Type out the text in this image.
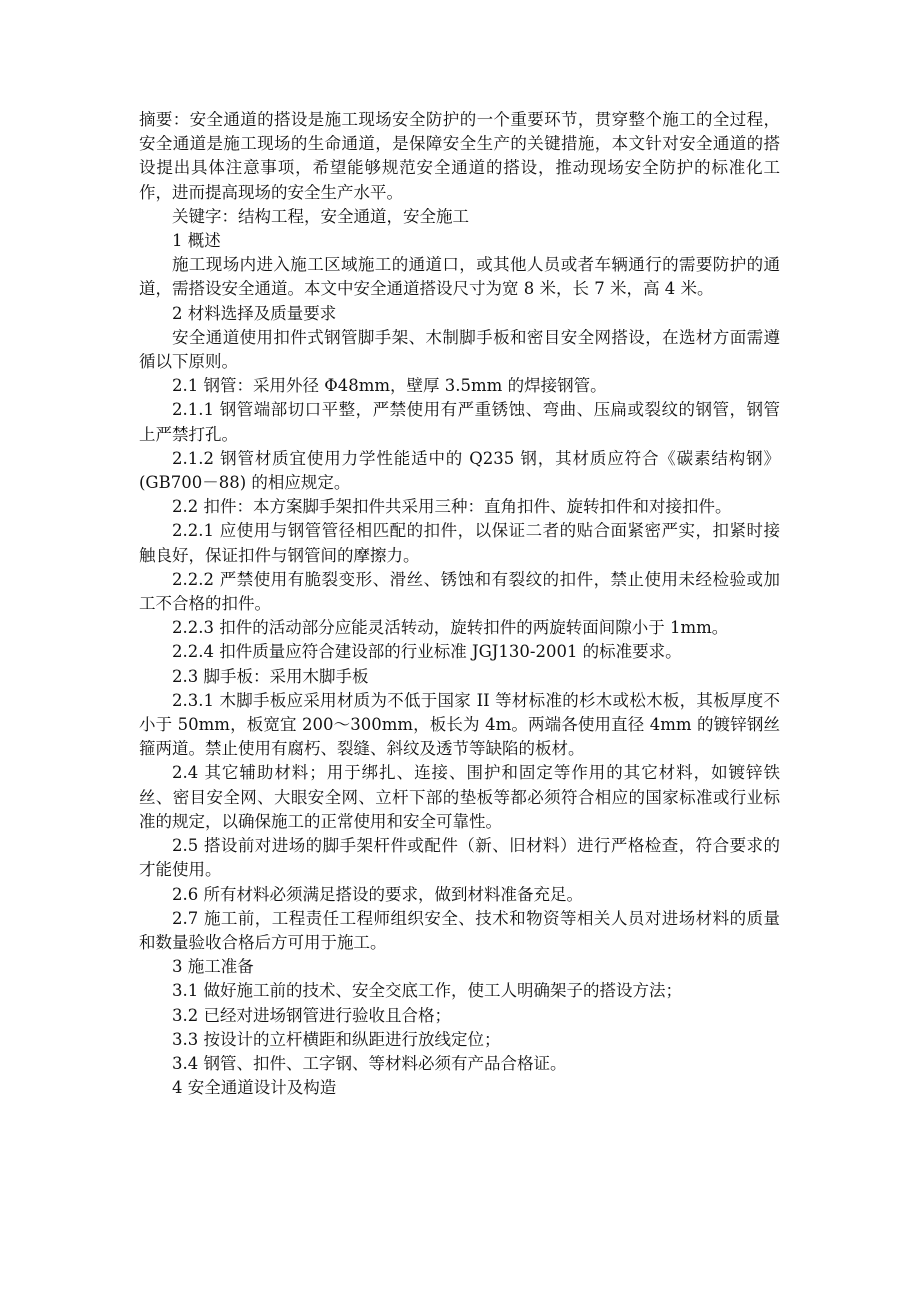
摘要：安全通道的搭设是施工现场安全防护的一个重要环节，贯穿整个施工的全过程，安全通道是施工现场的生命通道，是保障安全生产的关键措施，本文针对安全通道的搭设提出具体注意事项，希望能够规范安全通道的搭设，推动现场安全防护的标准化工作，进而提高现场的安全生产水平。

关键字：结构工程，安全通道，安全施工

1 概述

施工现场内进入施工区域施工的通道口，或其他人员或者车辆通行的需要防护的通道，需搭设安全通道。本文中安全通道搭设尺寸为宽 8 米，长 7 米，高 4 米。

2 材料选择及质量要求

安全通道使用扣件式钢管脚手架、木制脚手板和密目安全网搭设，在选材方面需遵循以下原则。

2.1 钢管：采用外径 Φ48mm，壁厚 3.5mm 的焊接钢管。

2.1.1 钢管端部切口平整，严禁使用有严重锈蚀、弯曲、压扁或裂纹的钢管，钢管上严禁打孔。

2.1.2 钢管材质宜使用力学性能适中的 Q235 钢，其材质应符合《碳素结构钢》(GB700－88) 的相应规定。

2.2 扣件：本方案脚手架扣件共采用三种：直角扣件、旋转扣件和对接扣件。

2.2.1 应使用与钢管管径相匹配的扣件，以保证二者的贴合面紧密严实，扣紧时接触良好，保证扣件与钢管间的摩擦力。

2.2.2 严禁使用有脆裂变形、滑丝、锈蚀和有裂纹的扣件，禁止使用未经检验或加工不合格的扣件。

2.2.3 扣件的活动部分应能灵活转动，旋转扣件的两旋转面间隙小于 1mm。

2.2.4 扣件质量应符合建设部的行业标准 JGJ130-2001 的标准要求。

2.3 脚手板：采用木脚手板

2.3.1 木脚手板应采用材质为不低于国家 II 等材标准的杉木或松木板，其板厚度不小于 50mm，板宽宜 200～300mm，板长为 4m。两端各使用直径 4mm 的镀锌钢丝箍两道。禁止使用有腐朽、裂缝、斜纹及透节等缺陷的板材。

2.4 其它辅助材料；用于绑扎、连接、围护和固定等作用的其它材料，如镀锌铁丝、密目安全网、大眼安全网、立杆下部的垫板等都必须符合相应的国家标准或行业标准的规定，以确保施工的正常使用和安全可靠性。

2.5 搭设前对进场的脚手架杆件或配件（新、旧材料）进行严格检查，符合要求的才能使用。

2.6 所有材料必须满足搭设的要求，做到材料准备充足。

2.7 施工前，工程责任工程师组织安全、技术和物资等相关人员对进场材料的质量和数量验收合格后方可用于施工。

3 施工准备

3.1 做好施工前的技术、安全交底工作，使工人明确架子的搭设方法；

3.2 已经对进场钢管进行验收且合格；

3.3 按设计的立杆横距和纵距进行放线定位；

3.4 钢管、扣件、工字钢、等材料必须有产品合格证。

4 安全通道设计及构造
